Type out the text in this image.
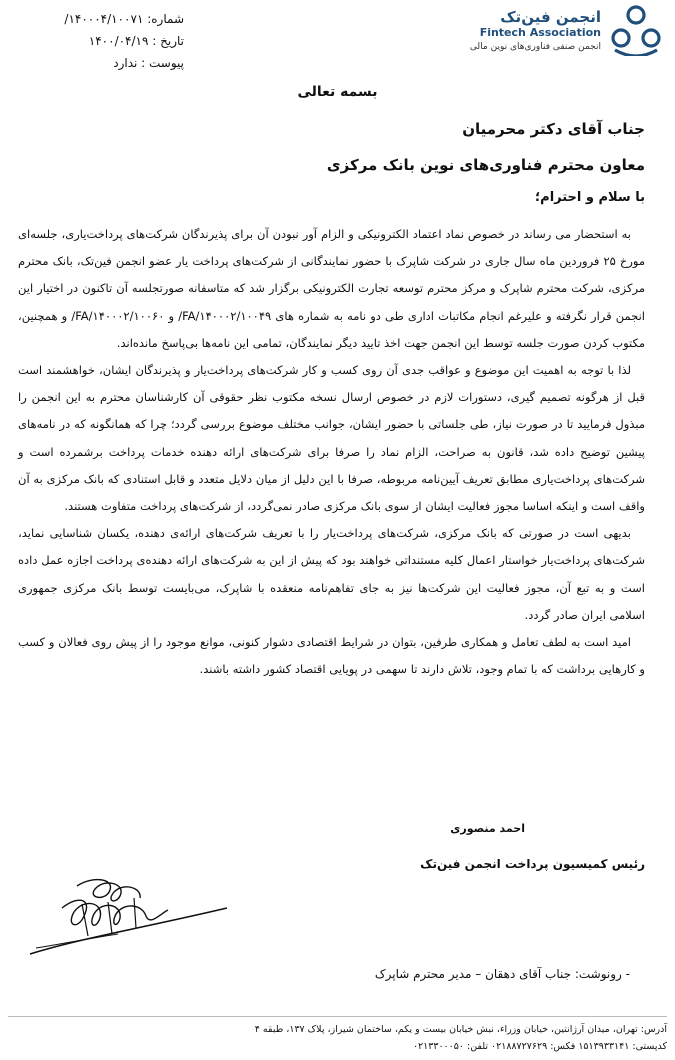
شماره: ۱۴۰۰۰۴/۱۰۰۷۱/
تاریخ : ۱۴۰۰/۰۴/۱۹
پیوست : ندارد
انجمن فین‌تک
Fintech Association
انجمن صنفی فناوری‌های نوین مالی
بسمه تعالی
جناب آقای دکتر محرمیان
معاون محترم فناوری‌های نوین بانک مرکزی
با سلام و احترام؛

به استحضار می رساند در خصوص نماد اعتماد الکترونیکی و الزام آور نبودن آن برای پذیرندگان شرکت‌های پرداخت‌یاری، جلسه‌ای مورخ ۲۵ فروردین ماه سال جاری در شرکت شاپرک با حضور نمایندگانی از شرکت‌های پرداخت یار عضو انجمن فین‌تک، بانک محترم مرکزی، شرکت محترم شاپرک و مرکز محترم توسعه تجارت الکترونیکی برگزار شد که متاسفانه صورتجلسه آن تاکنون در اختیار این انجمن قرار نگرفته و علیرغم انجام مکاتبات اداری طی دو نامه به شماره های FA/۱۴۰۰۰۲/۱۰۰۴۹/ و FA/۱۴۰۰۰۲/۱۰۰۶۰/ و همچنین، مکتوب کردن صورت جلسه توسط این انجمن جهت اخذ تایید دیگر نمایندگان، تمامی این نامه‌ها بی‌پاسخ مانده‌اند.

لذا با توجه به اهمیت این موضوع و عواقب جدی آن روی کسب و کار شرکت‌های پرداخت‌یار و پذیرندگان ایشان، خواهشمند است قبل از هرگونه تصمیم گیری، دستورات لازم در خصوص ارسال نسخه مکتوب نظر حقوقی آن کارشناسان محترم به این انجمن را مبذول فرمایید تا در صورت نیاز، طی جلساتی با حضور ایشان، جوانب مختلف موضوع بررسی گردد؛ چرا که همانگونه که در نامه‌های پیشین توضیح داده شد، قانون به صراحت، الزام نماد را صرفا برای شرکت‌های ارائه دهنده خدمات پرداخت برشمرده است و شرکت‌های پرداخت‌یاری مطابق تعریف آیین‌نامه مربوطه، صرفا با این دلیل از میان دلایل متعدد و قابل استنادی که بانک مرکزی به آن واقف است و اینکه اساسا مجوز فعالیت ایشان از سوی بانک مرکزی صادر نمی‌گردد، از شرکت‌های پرداخت متفاوت هستند.

بدیهی است در صورتی که بانک مرکزی، شرکت‌های پرداخت‌یار را با تعریف شرکت‌های ارائه‌ی دهنده، یکسان شناسایی نماید، شرکت‌های پرداخت‌یار خواستار اعمال کلیه مستنداتی خواهند بود که پیش از این به شرکت‌های ارائه دهنده‌ی پرداخت اجازه عمل داده است و به تبع آن، مجوز فعالیت این شرکت‌ها نیز به جای تفاهم‌نامه منعقده با شاپرک، می‌بایست توسط بانک مرکزی جمهوری اسلامی ایران صادر گردد.

امید است به لطف تعامل و همکاری طرفین، بتوان در شرایط اقتصادی دشوار کنونی، موانع موجود را از پیش روی فعالان و کسب و کارهایی برداشت که با تمام وجود، تلاش دارند تا سهمی در پویایی اقتصاد کشور داشته باشند.

احمد منصوری
رئیس کمیسیون پرداخت انجمن فین‌تک
- رونوشت: جناب آقای دهقان – مدیر محترم شاپرک
آدرس: تهران، میدان آرژانتین، خیابان وزراء، نبش خیابان بیست و یکم، ساختمان شیراز، پلاک ۱۳۷، طبقه ۴
کدپستی: ۱۵۱۳۹۳۳۱۴۱ فکس: ۰۲۱۸۸۷۲۷۶۲۹ تلفن: ۰۲۱۳۳۰۰۰۵۰
